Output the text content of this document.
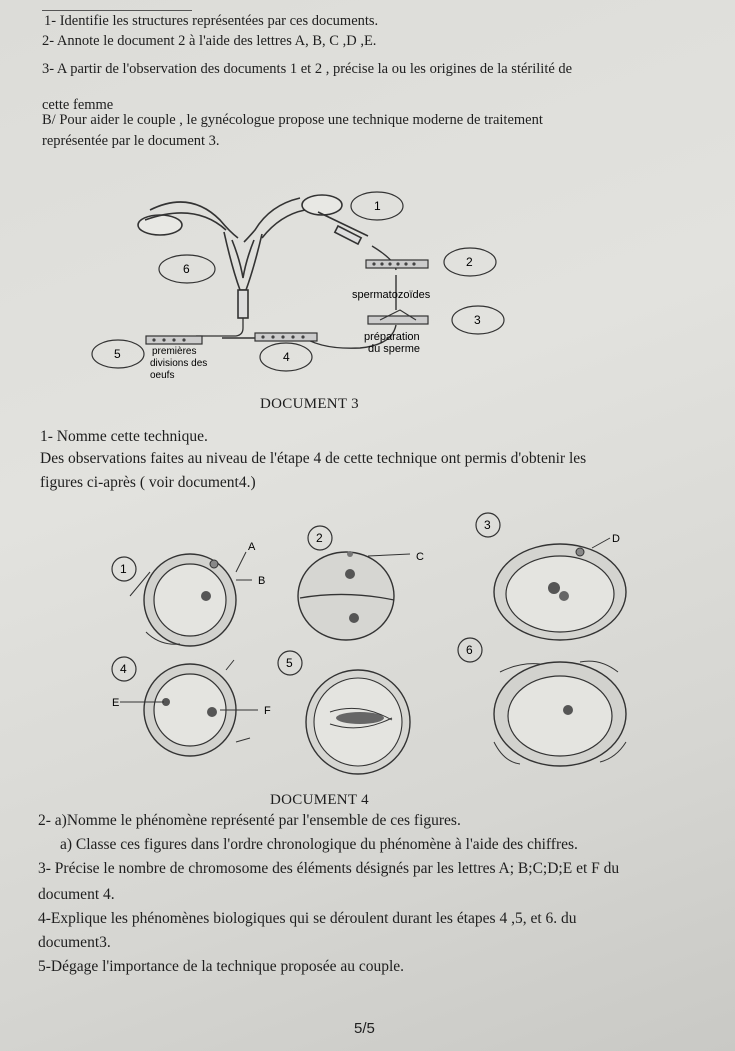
1- Identifie les structures représentées par ces documents.
2- Annote le document 2 à l'aide des lettres A, B, C ,D ,E.
3- A partir de l'observation des documents 1 et 2 , précise la ou les origines de la stérilité de
cette femme
B/ Pour aider le couple , le gynécologue propose une technique moderne de traitement
représentée par le document 3.
1
2
3
4
5
6
spermatozoïdes
préparation
du sperme
premières
divisions des
oeufs
DOCUMENT 3
1- Nomme cette technique.
Des observations faites au niveau de l'étape 4 de cette technique ont permis d'obtenir les
figures ci-après ( voir document4.)
1
2
3
4	5
6
A
B
C
D
E
F
DOCUMENT 4
2- a)Nomme le phénomène représenté par l'ensemble de ces figures.
a) Classe ces figures dans l'ordre chronologique du phénomène à l'aide des chiffres.
3- Précise le nombre de chromosome des éléments désignés par les lettres A; B;C;D;E et F du
document 4.
4-Explique les phénomènes biologiques qui se déroulent durant les étapes 4 ,5, et 6. du
document3.
5-Dégage l'importance de la technique proposée au couple.
5/5
